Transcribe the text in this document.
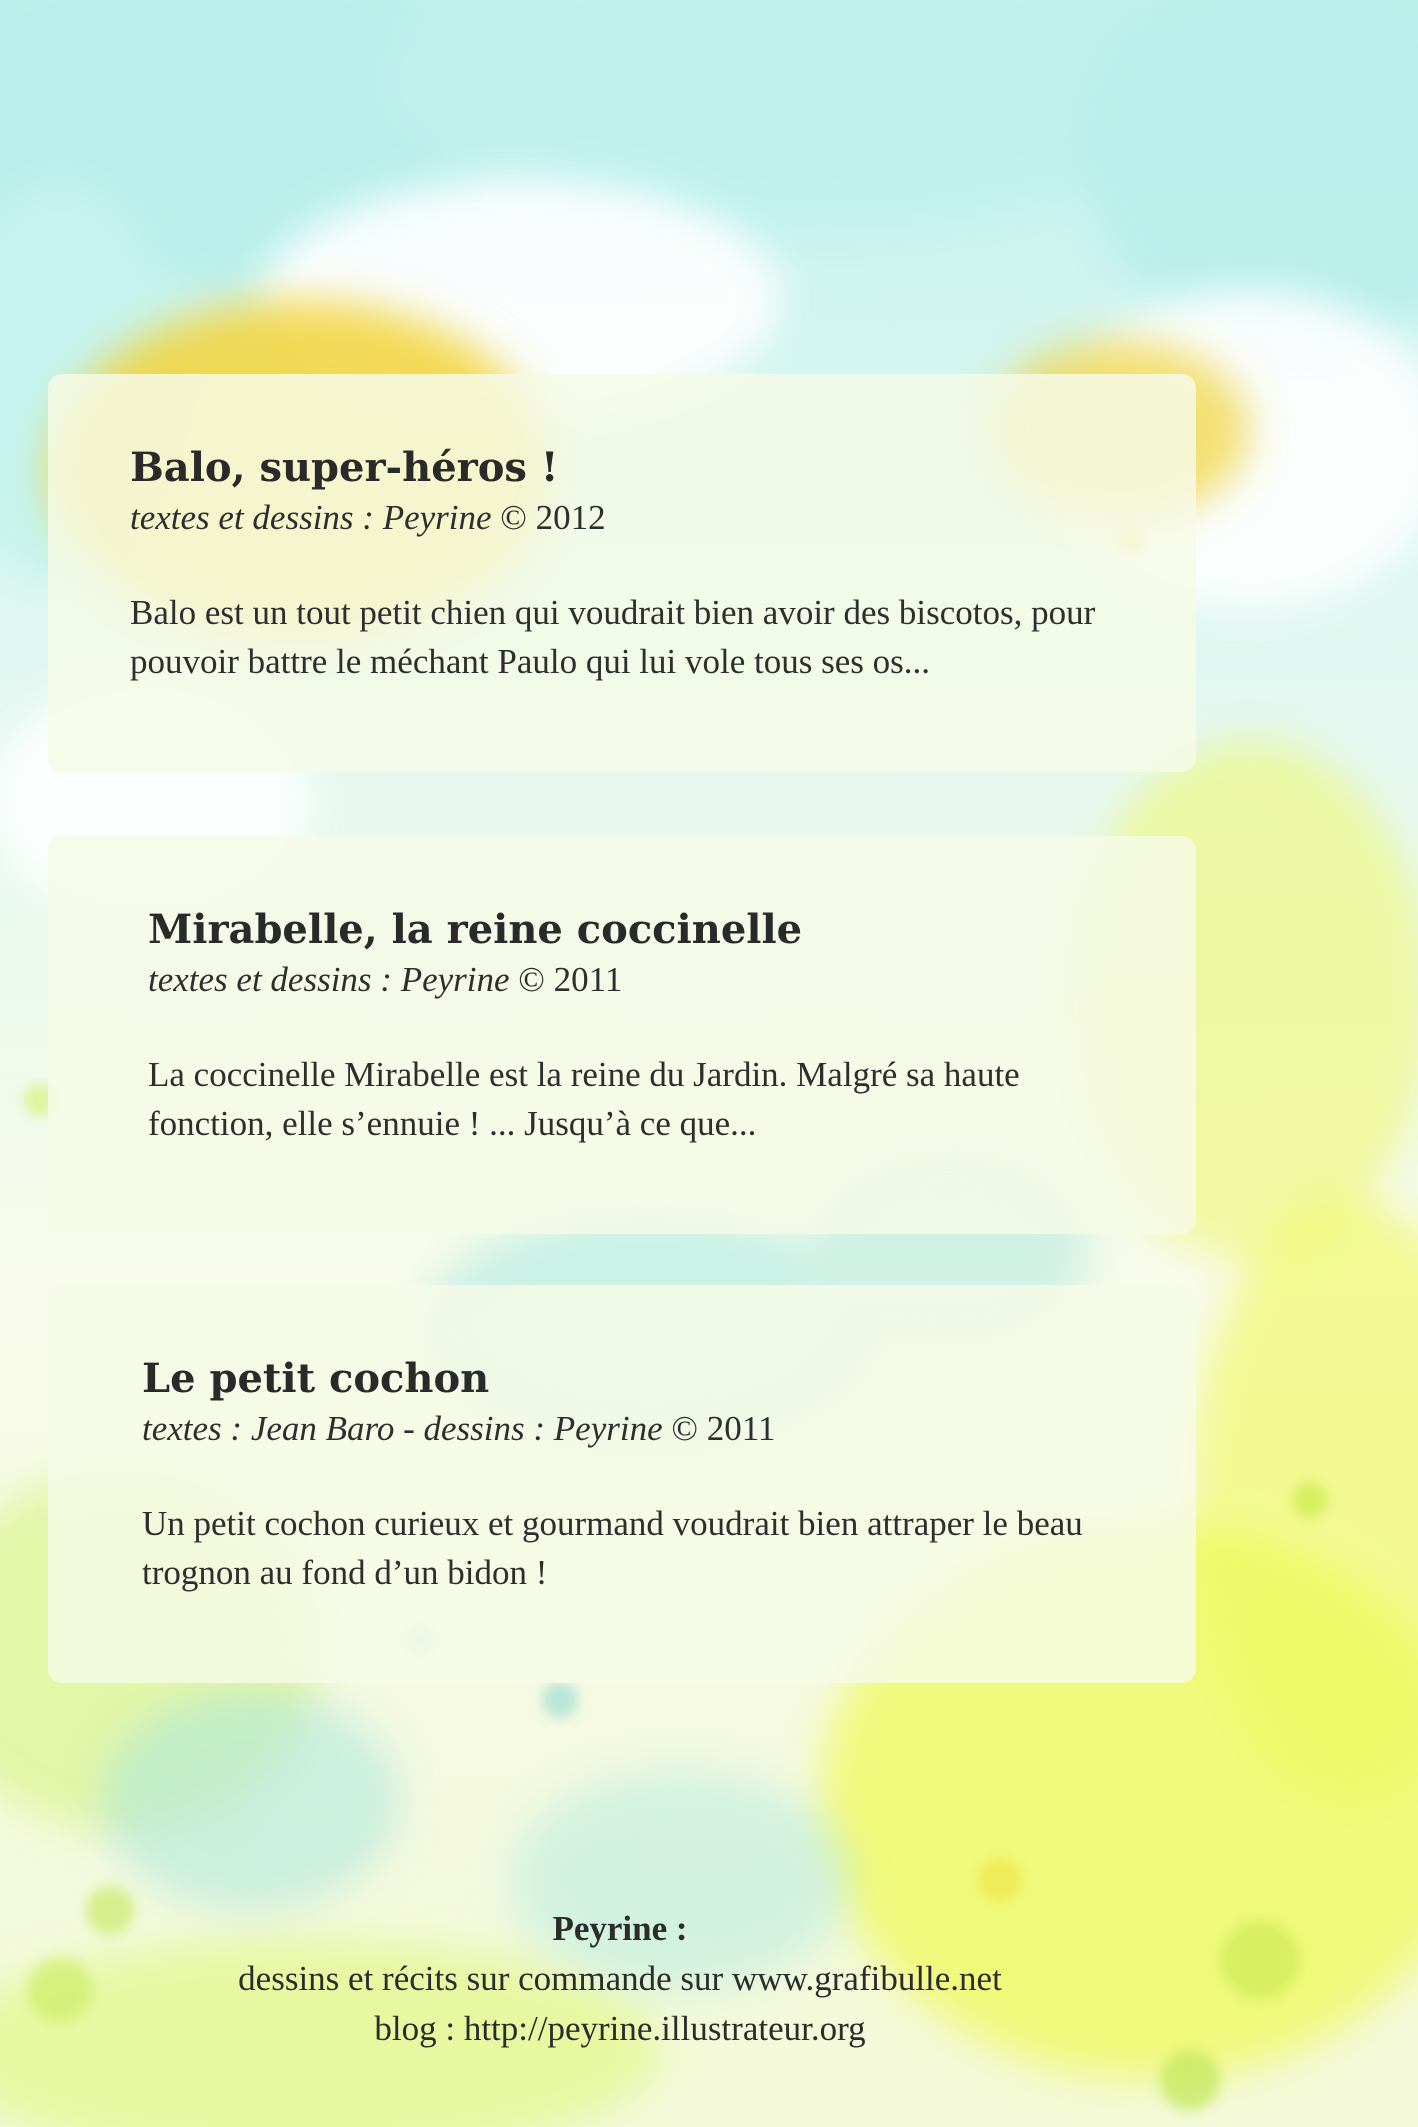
Balo, super-héros !
textes et dessins : Peyrine © 2012

Balo est un tout petit chien qui voudrait bien avoir des biscotos, pour pouvoir battre le méchant Paulo qui lui vole tous ses os...

Mirabelle, la reine coccinelle
textes et dessins : Peyrine © 2011

La coccinelle Mirabelle est la reine du Jardin. Malgré sa haute fonction, elle s’ennuie ! ... Jusqu’à ce que...

Le petit cochon
textes : Jean Baro - dessins : Peyrine © 2011

Un petit cochon curieux et gourmand voudrait bien attraper le beau trognon au fond d’un bidon !

Peyrine :
dessins et récits sur commande sur www.grafibulle.net
blog : http://peyrine.illustrateur.org
